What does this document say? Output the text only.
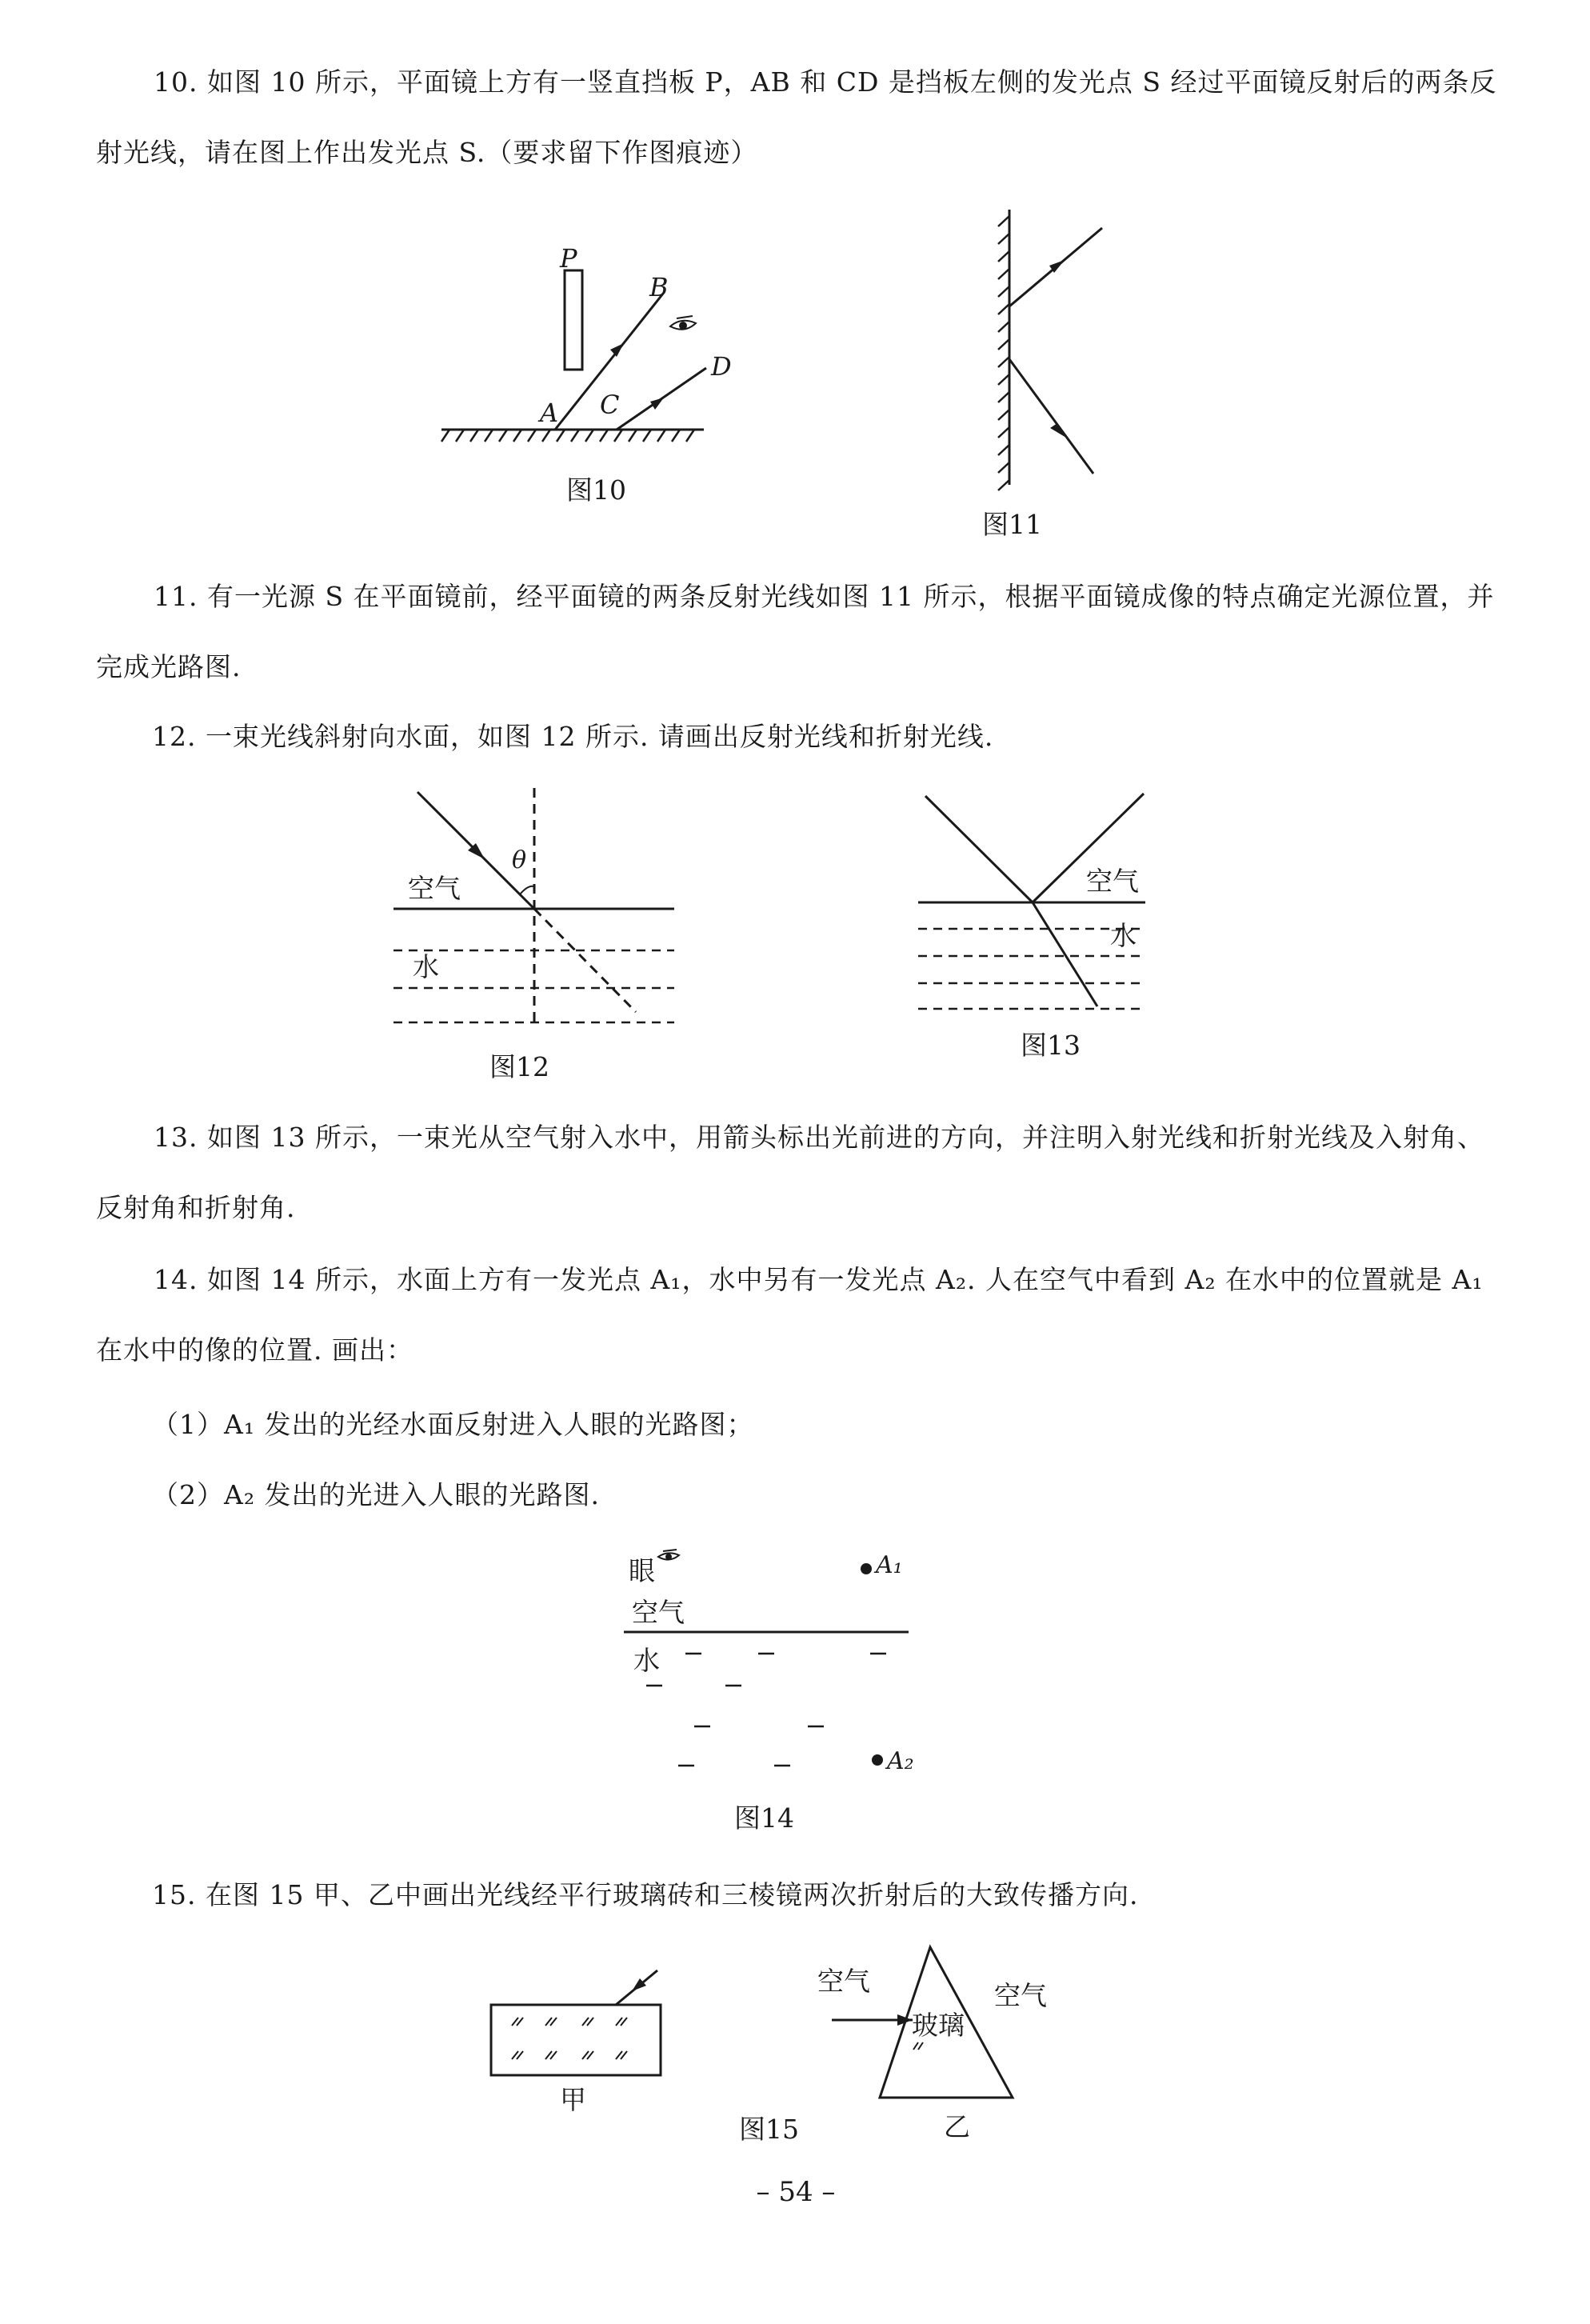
10. 如图 10 所示，平面镜上方有一竖直挡板 P，AB 和 CD 是挡板左侧的发光点 S 经过平面镜反射后的两条反射光线，请在图上作出发光点 S.（要求留下作图痕迹）
P
B
A C
D
图10
图11
11. 有一光源 S 在平面镜前，经平面镜的两条反射光线如图 11 所示，根据平面镜成像的特点确定光源位置，并完成光路图.
12. 一束光线斜射向水面，如图 12 所示. 请画出反射光线和折射光线.
θ
空气
水
图12
空气
水
图13
13. 如图 13 所示，一束光从空气射入水中，用箭头标出光前进的方向，并注明入射光线和折射光线及入射角、反射角和折射角.
14. 如图 14 所示，水面上方有一发光点 A₁，水中另有一发光点 A₂. 人在空气中看到 A₂ 在水中的位置就是 A₁ 在水中的像的位置. 画出：
（1）A₁ 发出的光经水面反射进入人眼的光路图；
（2）A₂ 发出的光进入人眼的光路图.
眼	A₁
空气
水
A₂
图14
15. 在图 15 甲、乙中画出光线经平行玻璃砖和三棱镜两次折射后的大致传播方向.
甲
空气	空气
玻璃
乙
图15
– 54 –
